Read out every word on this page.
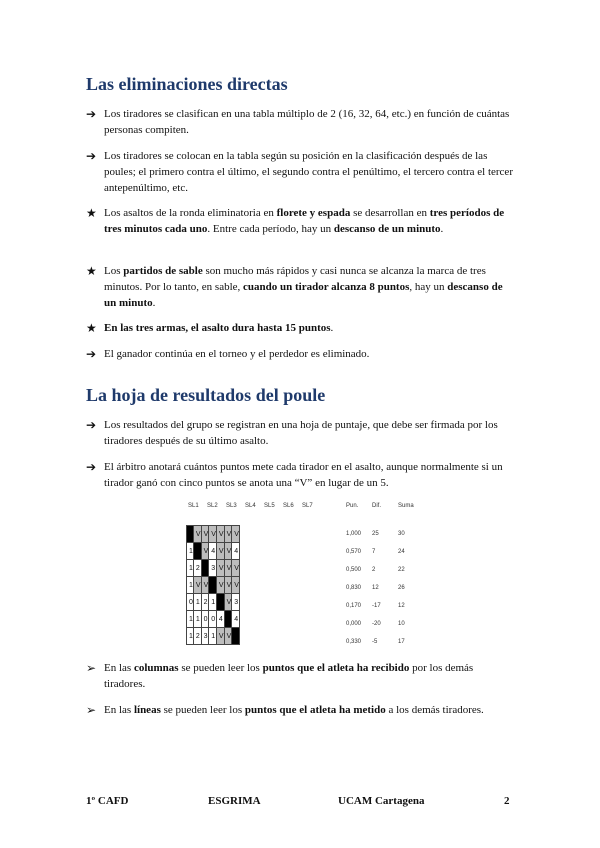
Las eliminaciones directas
➔ Los tiradores se clasifican en una tabla múltiplo de 2 (16, 32, 64, etc.) en función de cuántas personas compiten.
➔ Los tiradores se colocan en la tabla según su posición en la clasificación después de las poules; el primero contra el último, el segundo contra el penúltimo, el tercero contra el tercer antepenúltimo, etc.
★ Los asaltos de la ronda eliminatoria en florete y espada se desarrollan en tres períodos de tres minutos cada uno. Entre cada período, hay un descanso de un minuto.
★ Los partidos de sable son mucho más rápidos y casi nunca se alcanza la marca de tres minutos. Por lo tanto, en sable, cuando un tirador alcanza 8 puntos, hay un descanso de un minuto.
★ En las tres armas, el asalto dura hasta 15 puntos.
➔ El ganador continúa en el torneo y el perdedor es eliminado.
La hoja de resultados del poule
➔ Los resultados del grupo se registran en una hoja de puntaje, que debe ser firmada por los tiradores después de su último asalto.
➔ El árbitro anotará cuántos puntos mete cada tirador en el asalto, aunque normalmente si un tirador ganó con cinco puntos se anota una “V” en lugar de un 5.
SL1 SL2 SL3 SL4 SL5 SL6 SL7	Pun. Dif.	Suma
	V	V	V	V	V	V
1		V	4	V	V	4
1	2		3	V	V	V
1	V	V		V	V	V
0	1	2	1		V	3
1	1	0	0	4		4
1	2	3	1	V	V	
1,000 25	30
0,570 7	24
0,500 2	22
0,830 12	26
0,170 -17	12
0,000 -20	10
0,330 -5	17
➢ En las columnas se pueden leer los puntos que el atleta ha recibido por los demás tiradores.
➢ En las líneas se pueden leer los puntos que el atleta ha metido a los demás tiradores.
1º CAFD	ESGRIMA	UCAM Cartagena	2
